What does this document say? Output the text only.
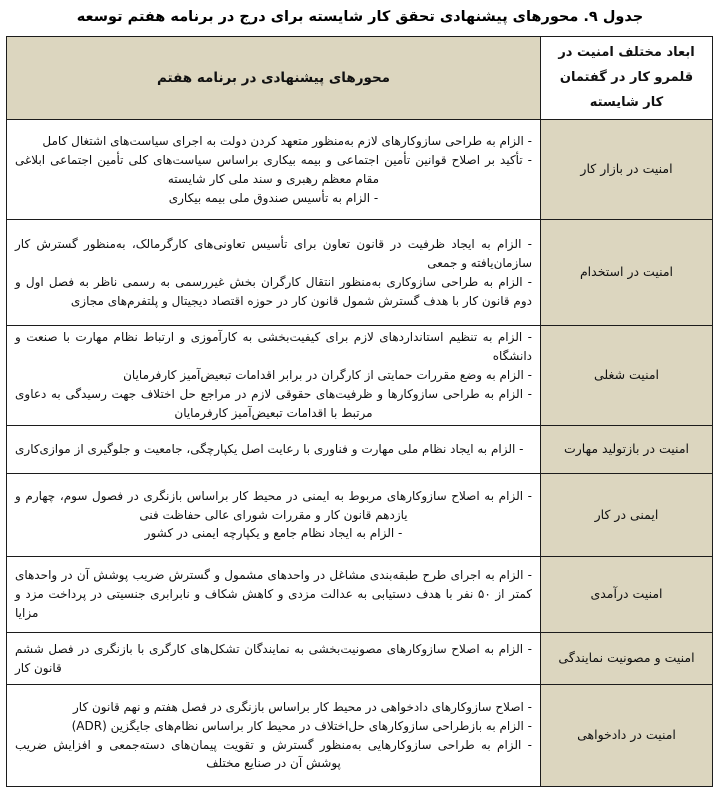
جدول ۹. محورهای پیشنهادی تحقق کار شایسته برای درج در برنامه هفتم توسعه
ابعاد مختلف امنیت در قلمرو کار در گفتمان کار شایسته	محورهای پیشنهادی در برنامه هفتم
امنیت در بازار کار	- الزام به طراحی سازوکارهای لازم به‌منظور متعهد کردن دولت به اجرای سیاست‌های اشتغال کامل

- تأکید بر اصلاح قوانین تأمین اجتماعی و بیمه بیکاری براساس سیاست‌های کلی تأمین اجتماعی ابلاغی مقام معظم رهبری و سند ملی کار شایسته

- الزام به تأسیس صندوق ملی بیمه بیکاری

امنیت در استخدام	- الزام به ایجاد ظرفیت در قانون تعاون برای تأسیس تعاونی‌های کارگرمالک، به‌منظور گسترش کار سازمان‌یافته و جمعی

- الزام به طراحی سازوکاری به‌منظور انتقال کارگران بخش غیررسمی به رسمی ناظر به فصل اول و دوم قانون کار با هدف گسترش شمول قانون کار در حوزه اقتصاد دیجیتال و پلتفرم‌های مجازی

امنیت شغلی	- الزام به تنظیم استانداردهای لازم برای کیفیت‌بخشی به کارآموزی و ارتباط نظام مهارت با صنعت و دانشگاه

- الزام به وضع مقررات حمایتی از کارگران در برابر اقدامات تبعیض‌آمیز کارفرمایان

- الزام به طراحی سازوکارها و ظرفیت‌های حقوقی لازم در مراجع حل اختلاف جهت رسیدگی به دعاوی مرتبط با اقدامات تبعیض‌آمیز کارفرمایان

امنیت در بازتولید مهارت	- الزام به ایجاد نظام ملی مهارت و فناوری با رعایت اصل یکپارچگی، جامعیت و جلوگیری از موازی‌کاری

ایمنی در کار	- الزام به اصلاح سازوکارهای مربوط به ایمنی در محیط کار براساس بازنگری در فصول سوم، چهارم و یازدهم قانون کار و مقررات شورای عالی حفاظت فنی

- الزام به ایجاد نظام جامع و یکپارچه ایمنی در کشور

امنیت درآمدی	- الزام به اجرای طرح طبقه‌بندی مشاغل در واحدهای مشمول و گسترش ضریب پوشش آن در واحدهای کمتر از ۵۰ نفر با هدف دستیابی به عدالت مزدی و کاهش شکاف و نابرابری جنسیتی در پرداخت مزد و مزایا

امنیت و مصونیت نمایندگی	- الزام به اصلاح سازوکارهای مصونیت‌بخشی به نمایندگان تشکل‌های کارگری با بازنگری در فصل ششم قانون کار

امنیت در دادخواهی	- اصلاح سازوکارهای دادخواهی در محیط کار براساس بازنگری در فصل هفتم و نهم قانون کار

- الزام به بازطراحی سازوکارهای حل‌اختلاف در محیط کار براساس نظام‌های جایگزین (ADR)

- الزام به طراحی سازوکارهایی به‌منظور گسترش و تقویت پیمان‌های دسته‌جمعی و افزایش ضریب پوشش آن در صنایع مختلف
